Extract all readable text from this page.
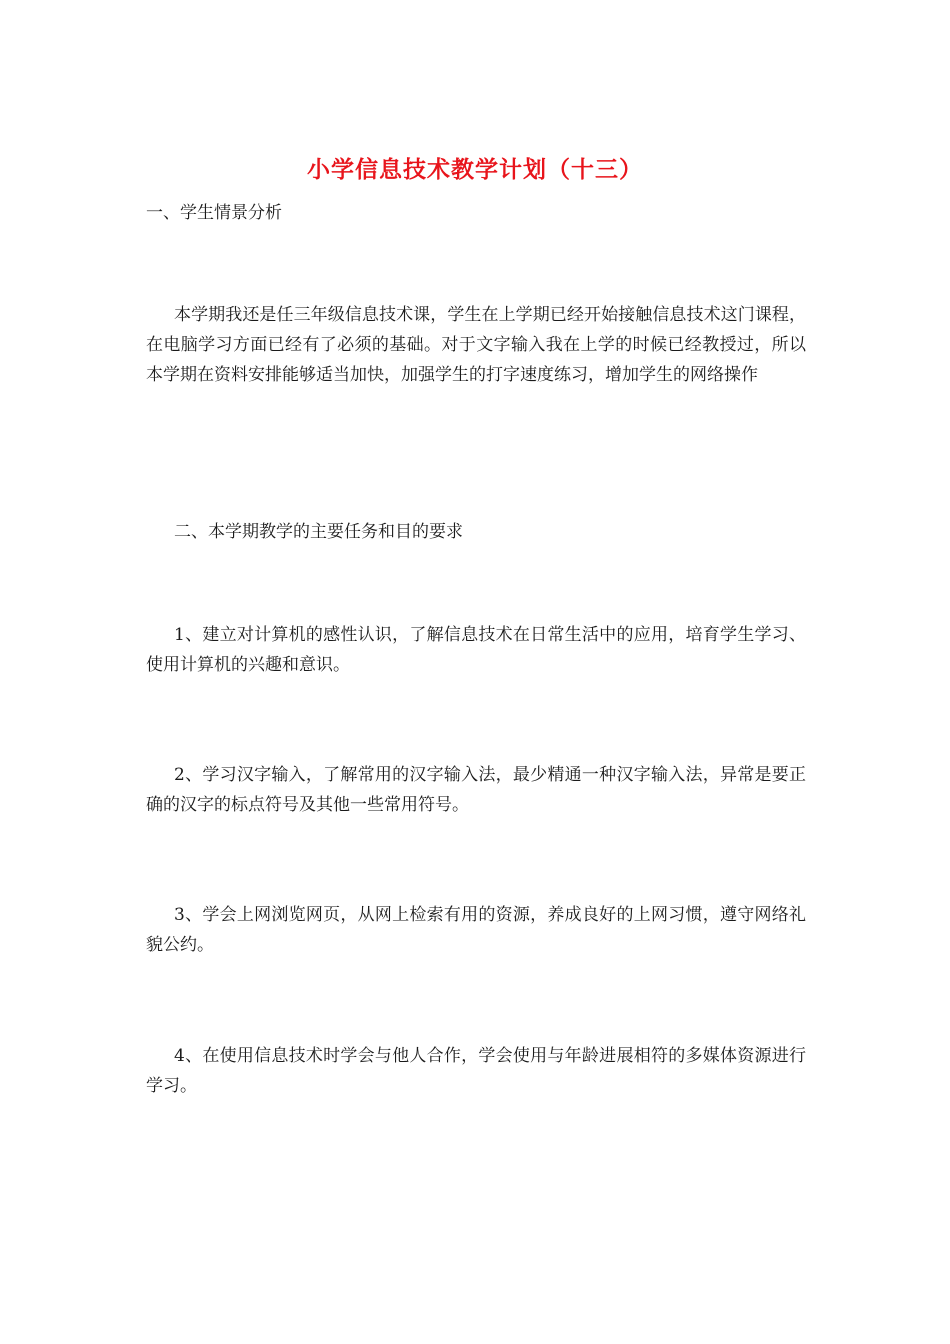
小学信息技术教学计划（十三）
一、学生情景分析
本学期我还是任三年级信息技术课，学生在上学期已经开始接触信息技术这门课程，在电脑学习方面已经有了必须的基础。对于文字输入我在上学的时候已经教授过，所以本学期在资料安排能够适当加快，加强学生的打字速度练习，增加学生的网络操作
二、本学期教学的主要任务和目的要求
1、建立对计算机的感性认识，了解信息技术在日常生活中的应用，培育学生学习、使用计算机的兴趣和意识。
2、学习汉字输入，了解常用的汉字输入法，最少精通一种汉字输入法，异常是要正确的汉字的标点符号及其他一些常用符号。
3、学会上网浏览网页，从网上检索有用的资源，养成良好的上网习惯，遵守网络礼貌公约。
4、在使用信息技术时学会与他人合作，学会使用与年龄进展相符的多媒体资源进行学习。
